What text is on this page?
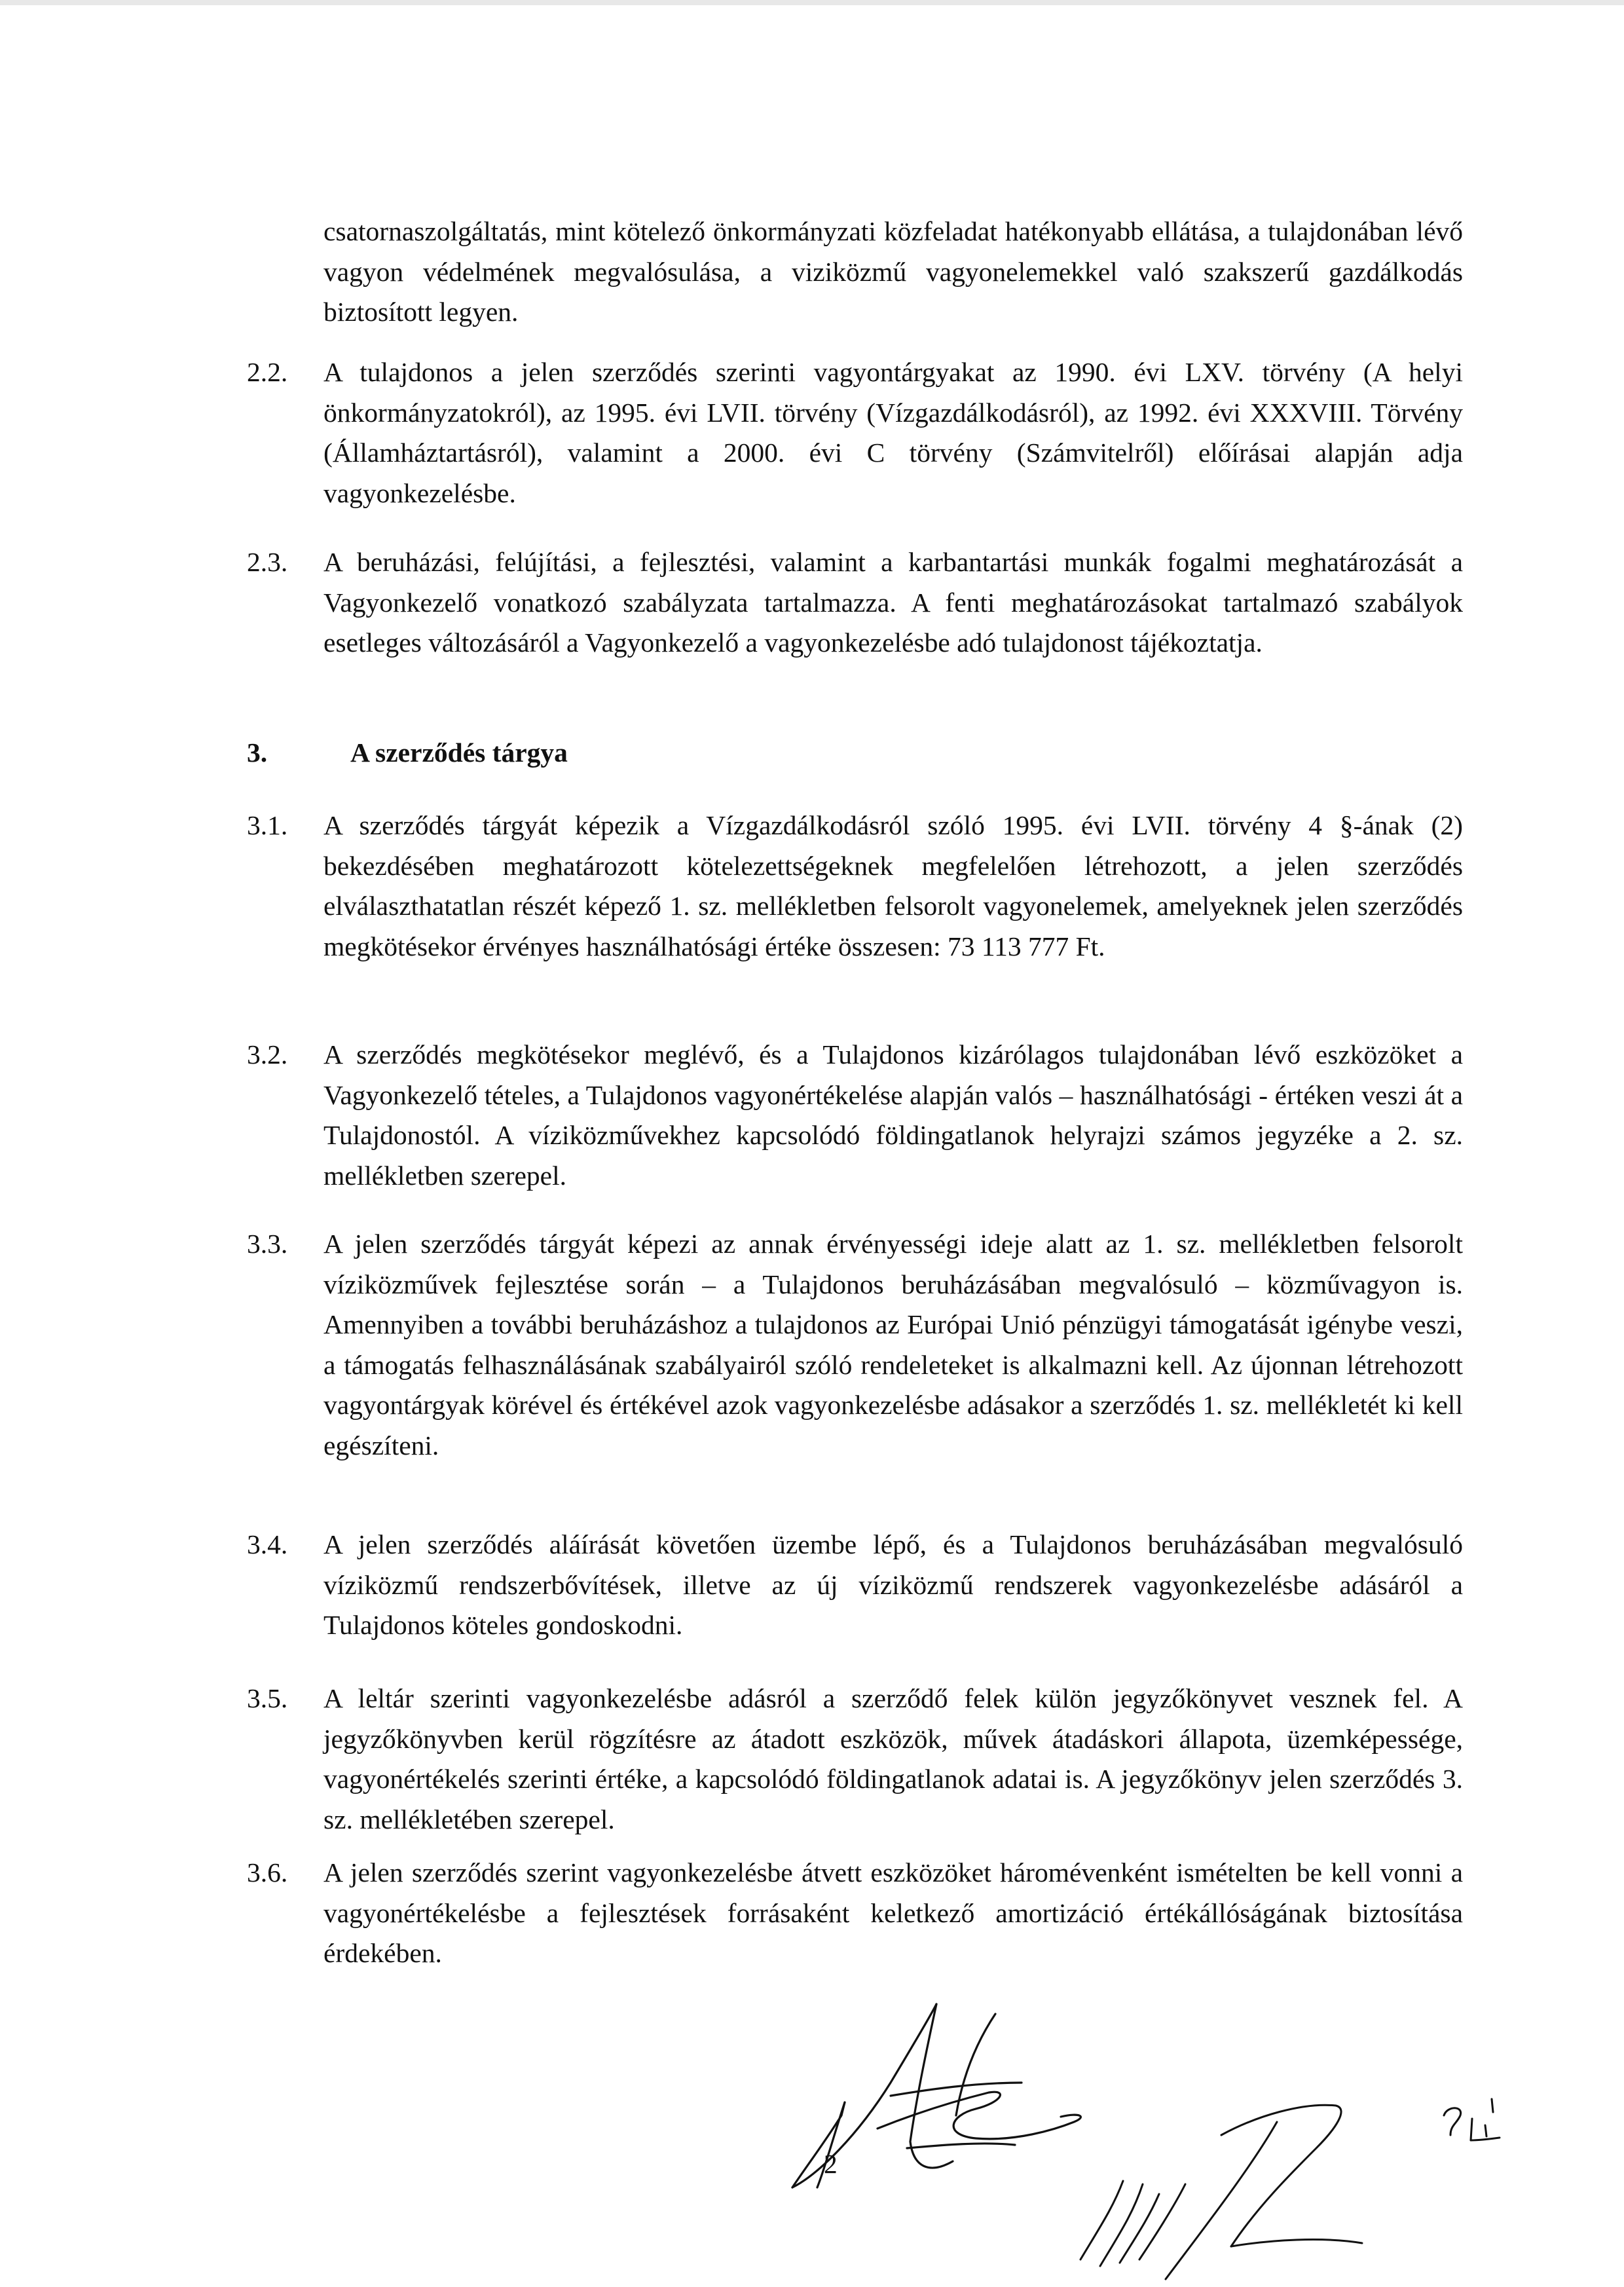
csatornaszolgáltatás, mint kötelező önkormányzati közfeladat hatékonyabb ellátása, a tulajdonában lévő vagyon védelmének megvalósulása, a viziközmű vagyonelemekkel való szakszerű gazdálkodás biztosított legyen.
2.2.	A tulajdonos a jelen szerződés szerinti vagyontárgyakat az 1990. évi LXV. törvény (A helyi önkormányzatokról), az 1995. évi LVII. törvény (Vízgazdálkodásról), az 1992. évi XXXVIII. Törvény (Államháztartásról), valamint a 2000. évi C törvény (Számvitelről) előírásai alapján adja vagyonkezelésbe.
2.3.	A beruházási, felújítási, a fejlesztési, valamint a karbantartási munkák fogalmi meghatározását a Vagyonkezelő vonatkozó szabályzata tartalmazza. A fenti meghatározásokat tartalmazó szabályok esetleges változásáról a Vagyonkezelő a vagyonkezelésbe adó tulajdonost tájékoztatja.
3.	A szerződés tárgya
3.1.	A szerződés tárgyát képezik a Vízgazdálkodásról szóló 1995. évi LVII. törvény 4 §-ának (2) bekezdésében meghatározott kötelezettségeknek megfelelően létrehozott, a jelen szerződés elválaszthatatlan részét képező 1. sz. mellékletben felsorolt vagyonelemek, amelyeknek jelen szerződés megkötésekor érvényes használhatósági értéke összesen: 73 113 777 Ft.
3.2.	A szerződés megkötésekor meglévő, és a Tulajdonos kizárólagos tulajdonában lévő eszközöket a Vagyonkezelő tételes, a Tulajdonos vagyonértékelése alapján valós – használhatósági - értéken veszi át a Tulajdonostól. A víziközművekhez kapcsolódó földingatlanok helyrajzi számos jegyzéke a 2. sz. mellékletben szerepel.
3.3.	A jelen szerződés tárgyát képezi az annak érvényességi ideje alatt az 1. sz. mellékletben felsorolt víziközművek fejlesztése során – a Tulajdonos beruházásában megvalósuló – közművagyon is. Amennyiben a további beruházáshoz a tulajdonos az Európai Unió pénzügyi támogatását igénybe veszi, a támogatás felhasználásának szabályairól szóló rendeleteket is alkalmazni kell. Az újonnan létrehozott vagyontárgyak körével és értékével azok vagyonkezelésbe adásakor a szerződés 1. sz. mellékletét ki kell egészíteni.
3.4.	A jelen szerződés aláírását követően üzembe lépő, és a Tulajdonos beruházásában megvalósuló víziközmű rendszerbővítések, illetve az új víziközmű rendszerek vagyonkezelésbe adásáról a Tulajdonos köteles gondoskodni.
3.5.	A leltár szerinti vagyonkezelésbe adásról a szerződő felek külön jegyzőkönyvet vesznek fel. A jegyzőkönyvben kerül rögzítésre az átadott eszközök, művek átadáskori állapota, üzemképessége, vagyonértékelés szerinti értéke, a kapcsolódó földingatlanok adatai is. A jegyzőkönyv jelen szerződés 3. sz. mellékletében szerepel.
3.6.	A jelen szerződés szerint vagyonkezelésbe átvett eszközöket háromévenként ismételten be kell vonni a vagyonértékelésbe a fejlesztések forrásaként keletkező amortizáció értékállóságának biztosítása érdekében.
2
